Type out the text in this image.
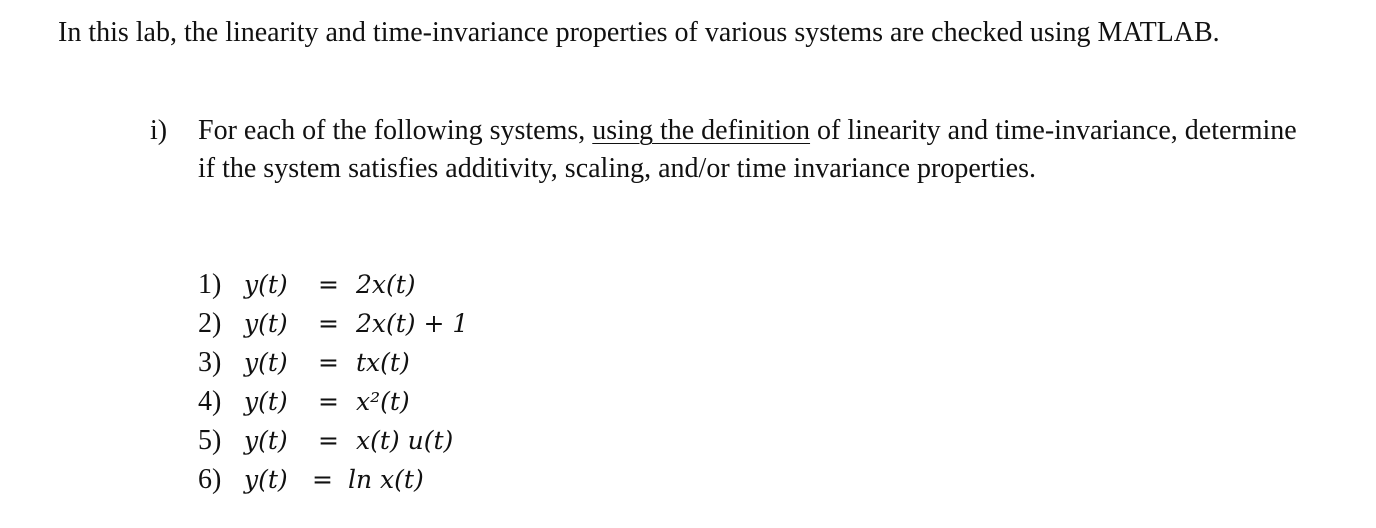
In this lab, the linearity and time-invariance properties of various systems are checked using MATLAB.
i)	For each of the following systems, using the definition of linearity and time-invariance, determine if the system satisfies additivity, scaling, and/or time invariance properties.
1) y(t) = 2x(t)
2) y(t) = 2x(t) + 1
3) y(t) = tx(t)
4) y(t) = x²(t)
5) y(t) = x(t) u(t)
6) y(t) = ln x(t)
